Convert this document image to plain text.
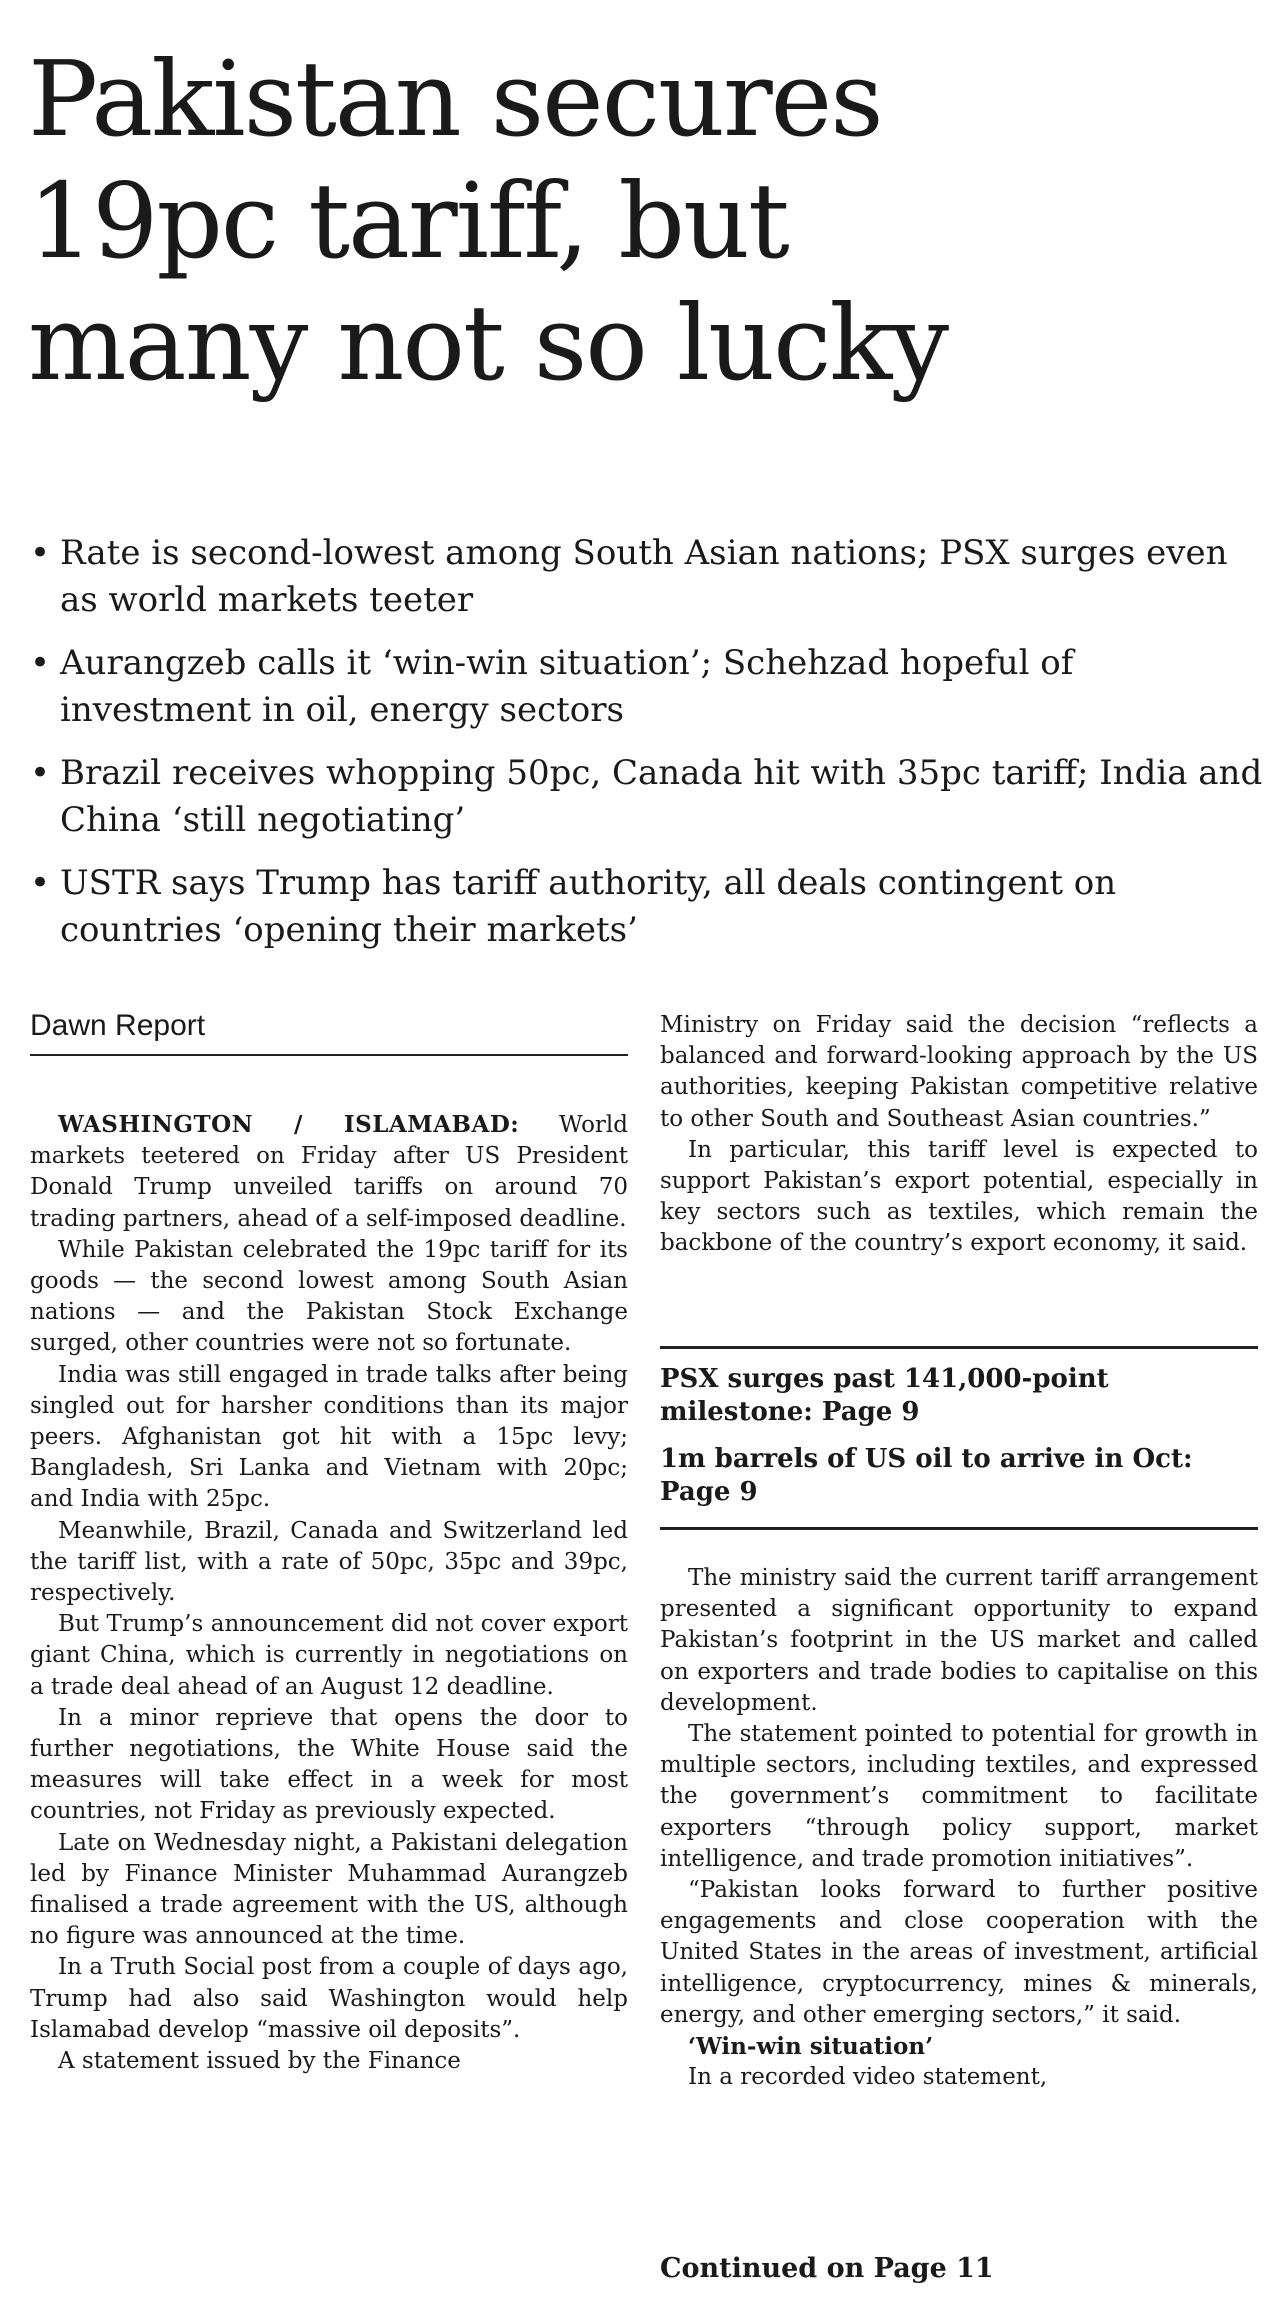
Pakistan secures
19pc tariff, but
many not so lucky
• Rate is second-lowest among South Asian nations; PSX surges even as world markets teeter
• Aurangzeb calls it ‘win-win situation’; Schehzad hopeful of investment in oil, energy sectors
• Brazil receives whopping 50pc, Canada hit with 35pc tariff; India and China ‘still negotiating’
• USTR says Trump has tariff authority, all deals contingent on countries ‘opening their markets’
Dawn Report

WASHINGTON / ISLAMABAD: World markets teetered on Friday after US President Donald Trump unveiled tariffs on around 70 trading partners, ahead of a self-imposed deadline.

While Pakistan celebrated the 19pc tariff for its goods — the second lowest among South Asian nations — and the Pakistan Stock Exchange surged, other countries were not so fortunate.

India was still engaged in trade talks after being singled out for harsher conditions than its major peers. Afghanistan got hit with a 15pc levy; Bangladesh, Sri Lanka and Vietnam with 20pc; and India with 25pc.

Meanwhile, Brazil, Canada and Switzerland led the tariff list, with a rate of 50pc, 35pc and 39pc, respectively.

But Trump’s announcement did not cover export giant China, which is currently in negotiations on a trade deal ahead of an August 12 deadline.

In a minor reprieve that opens the door to further negotiations, the White House said the measures will take effect in a week for most countries, not Friday as previously expected.

Late on Wednesday night, a Pakistani delegation led by Finance Minister Muhammad Aurangzeb finalised a trade agreement with the US, although no figure was announced at the time.

In a Truth Social post from a couple of days ago, Trump had also said Washington would help Islamabad develop “massive oil deposits”.

A statement issued by the Finance

Ministry on Friday said the decision “reflects a balanced and forward-looking approach by the US authorities, keeping Pakistan competitive relative to other South and Southeast Asian countries.”

In particular, this tariff level is expected to support Pakistan’s export potential, especially in key sectors such as textiles, which remain the backbone of the country’s export economy, it said.

PSX surges past 141,000-point milestone: Page 9

1m barrels of US oil to arrive in Oct: Page 9

The ministry said the current tariff arrangement presented a significant opportunity to expand Pakistan’s footprint in the US market and called on exporters and trade bodies to capitalise on this development.

The statement pointed to potential for growth in multiple sectors, including textiles, and expressed the government’s commitment to facilitate exporters “through policy support, market intelligence, and trade promotion initiatives”.

“Pakistan looks forward to further positive engagements and close cooperation with the United States in the areas of investment, artificial intelligence, cryptocurrency, mines & minerals, energy, and other emerging sectors,” it said.

‘Win-win situation’

In a recorded video statement,

Continued on Page 11
